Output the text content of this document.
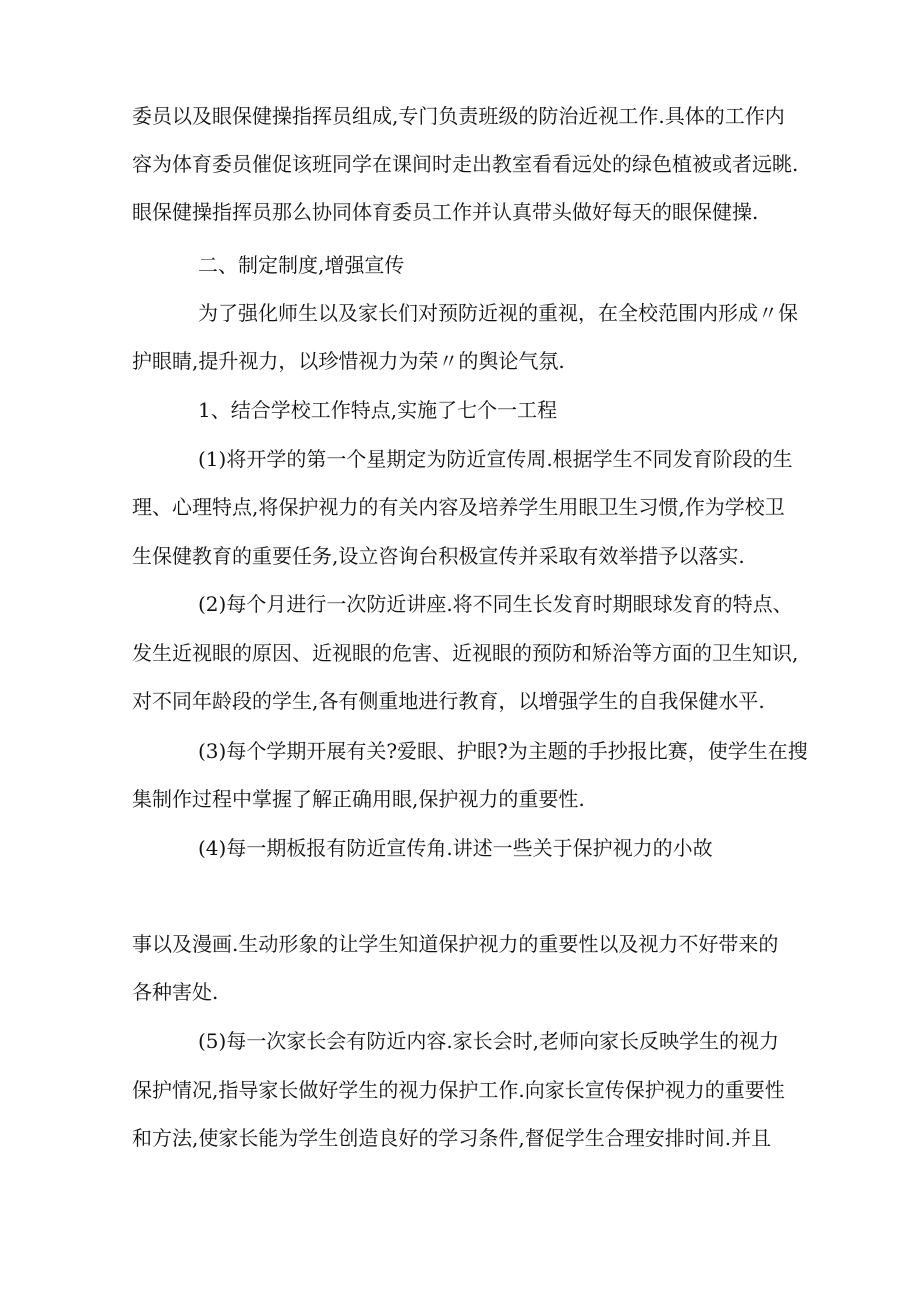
委员以及眼保健操指挥员组成,专门负责班级的防治近视工作.具体的工作内
容为体育委员催促该班同学在课间时走出教室看看远处的绿色植被或者远眺.
眼保健操指挥员那么协同体育委员工作并认真带头做好每天的眼保健操.
二、制定制度,增强宣传
为了强化师生以及家长们对预防近视的重视，在全校范围内形成〃保
护眼睛,提升视力，以珍惜视力为荣〃的舆论气氛.
1、结合学校工作特点,实施了七个一工程
(1)将开学的第一个星期定为防近宣传周.根据学生不同发育阶段的生
理、心理特点,将保护视力的有关内容及培养学生用眼卫生习惯,作为学校卫
生保健教育的重要任务,设立咨询台积极宣传并采取有效举措予以落实.
(2)每个月进行一次防近讲座.将不同生长发育时期眼球发育的特点、
发生近视眼的原因、近视眼的危害、近视眼的预防和矫治等方面的卫生知识,
对不同年龄段的学生,各有侧重地进行教育，以增强学生的自我保健水平.
(3)每个学期开展有关?爱眼、护眼?为主题的手抄报比赛，使学生在搜
集制作过程中掌握了解正确用眼,保护视力的重要性.
(4)每一期板报有防近宣传角.讲述一些关于保护视力的小故
事以及漫画.生动形象的让学生知道保护视力的重要性以及视力不好带来的
各种害处.
(5)每一次家长会有防近内容.家长会时,老师向家长反映学生的视力
保护情况,指导家长做好学生的视力保护工作.向家长宣传保护视力的重要性
和方法,使家长能为学生创造良好的学习条件,督促学生合理安排时间.并且
